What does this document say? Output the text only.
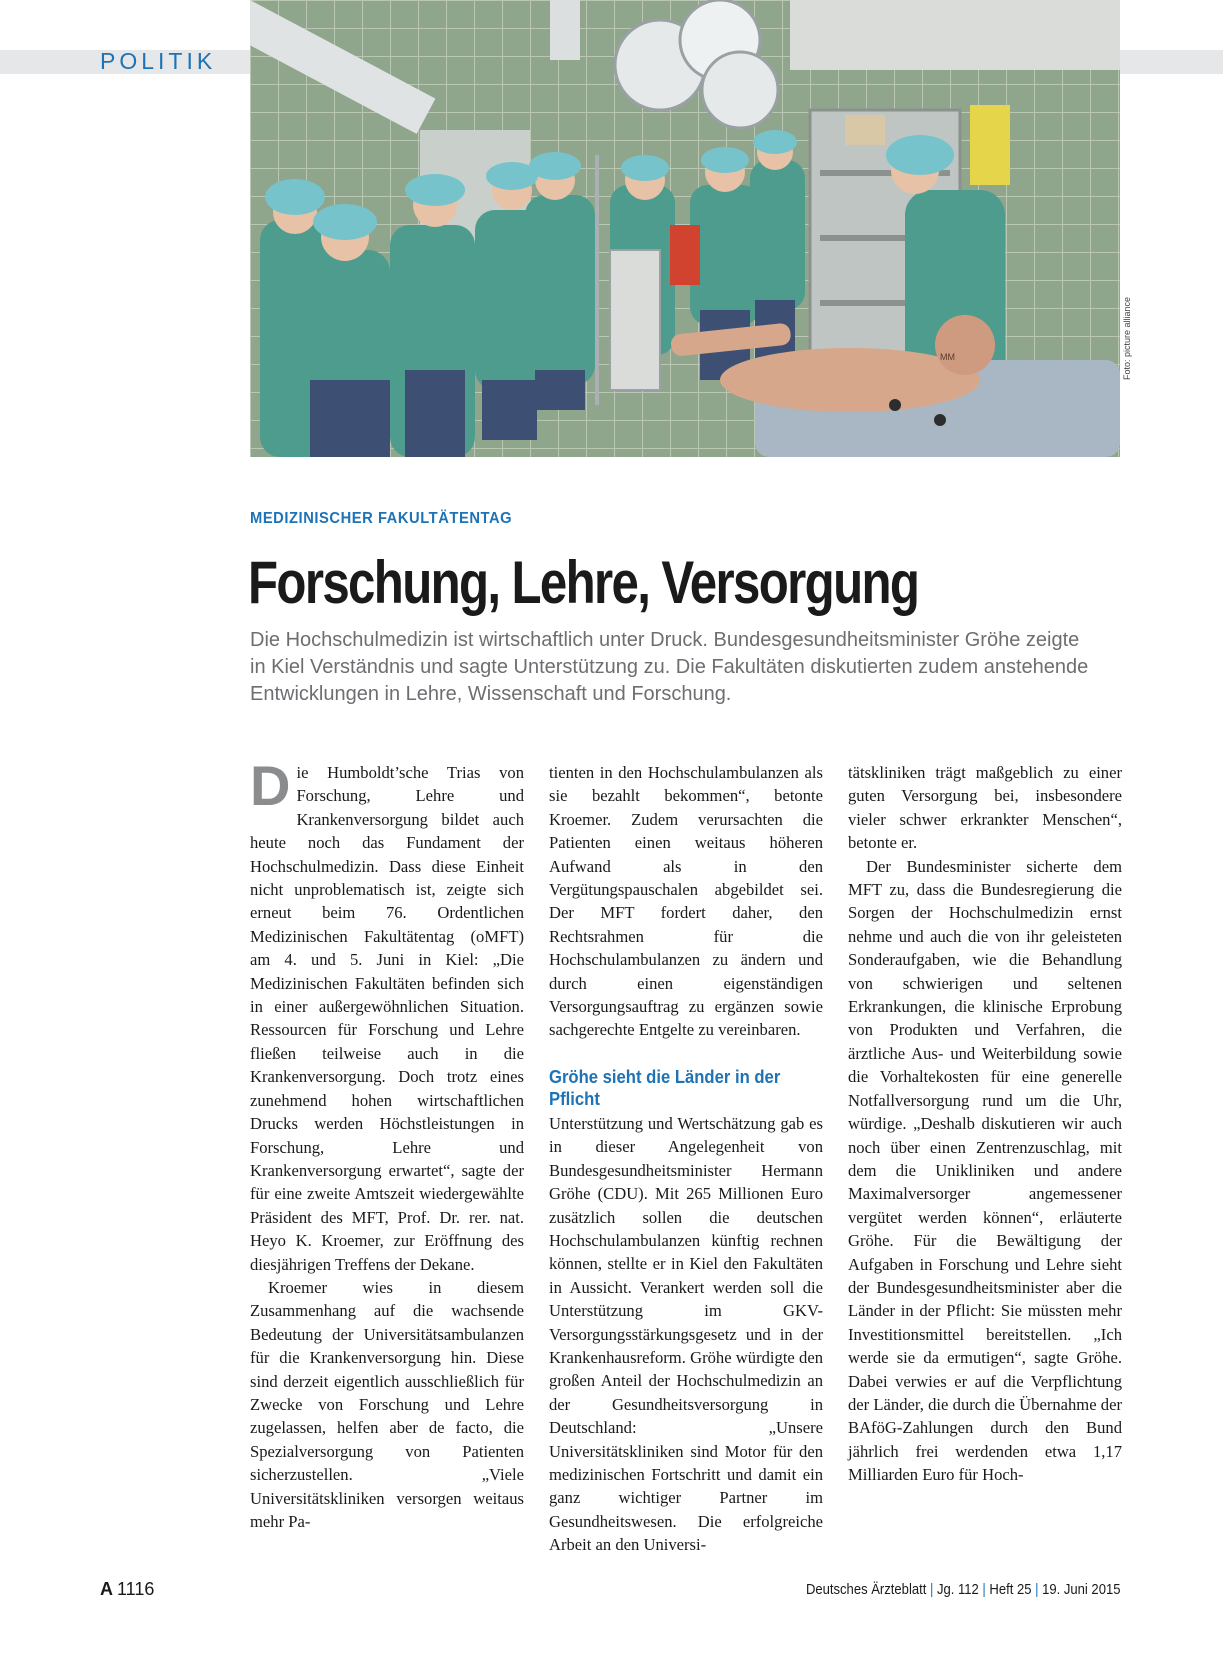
POLITIK
MM	Foto: picture alliance
MEDIZINISCHER FAKULTÄTENTAG
Forschung, Lehre, Versorgung

Die Hochschulmedizin ist wirtschaftlich unter Druck. Bundesgesundheitsminister Gröhe zeigte in Kiel Verständnis und sagte Unterstützung zu. Die Fakultäten diskutierten zudem anstehende Entwicklungen in Lehre, Wissenschaft und Forschung.

Die Humboldt’sche Trias von Forschung, Lehre und Krankenversorgung bildet auch heute noch das Fundament der Hochschulmedizin. Dass diese Einheit nicht unproblematisch ist, zeigte sich erneut beim 76. Ordentlichen Medizinischen Fakultätentag (oMFT) am 4. und 5. Juni in Kiel: „Die Medizinischen Fakultäten befinden sich in einer außergewöhnlichen Situation. Ressourcen für Forschung und Lehre fließen teilweise auch in die Krankenversorgung. Doch trotz eines zunehmend hohen wirtschaftlichen Drucks werden Höchstleistungen in Forschung, Lehre und Krankenversorgung erwartet“, sagte der für eine zweite Amtszeit wiedergewählte Präsident des MFT, Prof. Dr. rer. nat. Heyo K. Kroemer, zur Eröffnung des diesjährigen Treffens der Dekane.

Kroemer wies in diesem Zusammenhang auf die wachsende Bedeutung der Universitätsambulanzen für die Krankenversorgung hin. Diese sind derzeit eigentlich ausschließlich für Zwecke von Forschung und Lehre zugelassen, helfen aber de facto, die Spezialversorgung von Patienten sicherzustellen. „Viele Universitätskliniken versorgen weitaus mehr Pa-

tienten in den Hochschulambulanzen als sie bezahlt bekommen“, betonte Kroemer. Zudem verursachten die Patienten einen weitaus höheren Aufwand als in den Vergütungspauschalen abgebildet sei. Der MFT fordert daher, den Rechtsrahmen für die Hochschulambulanzen zu ändern und durch einen eigenständigen Versorgungsauftrag zu ergänzen sowie sachgerechte Entgelte zu vereinbaren.

Gröhe sieht die Länder in der Pflicht

Unterstützung und Wertschätzung gab es in dieser Angelegenheit von Bundesgesundheitsminister Hermann Gröhe (CDU). Mit 265 Millionen Euro zusätzlich sollen die deutschen Hochschulambulanzen künftig rechnen können, stellte er in Kiel den Fakultäten in Aussicht. Verankert werden soll die Unterstützung im GKV-Versorgungsstärkungsgesetz und in der Krankenhausreform. Gröhe würdigte den großen Anteil der Hochschulmedizin an der Gesundheitsversorgung in Deutschland: „Unsere Universitätskliniken sind Motor für den medizinischen Fortschritt und damit ein ganz wichtiger Partner im Gesundheitswesen. Die erfolgreiche Arbeit an den Universi-

tätskliniken trägt maßgeblich zu einer guten Versorgung bei, insbesondere vieler schwer erkrankter Menschen“, betonte er.

Der Bundesminister sicherte dem MFT zu, dass die Bundesregierung die Sorgen der Hochschulmedizin ernst nehme und auch die von ihr geleisteten Sonderaufgaben, wie die Behandlung von schwierigen und seltenen Erkrankungen, die klinische Erprobung von Produkten und Verfahren, die ärztliche Aus- und Weiterbildung sowie die Vorhaltekosten für eine generelle Notfallversorgung rund um die Uhr, würdige. „Deshalb diskutieren wir auch noch über einen Zentrenzuschlag, mit dem die Unikliniken und andere Maximalversorger angemessener vergütet werden können“, erläuterte Gröhe. Für die Bewältigung der Aufgaben in Forschung und Lehre sieht der Bundesgesundheitsminister aber die Länder in der Pflicht: Sie müssten mehr Investitionsmittel bereitstellen. „Ich werde sie da ermutigen“, sagte Gröhe. Dabei verwies er auf die Verpflichtung der Länder, die durch die Übernahme der BAföG-Zahlungen durch den Bund jährlich frei werdenden etwa 1,17 Milliarden Euro für Hoch-

A 1116	Deutsches Ärzteblatt | Jg. 112 | Heft 25 | 19. Juni 2015
